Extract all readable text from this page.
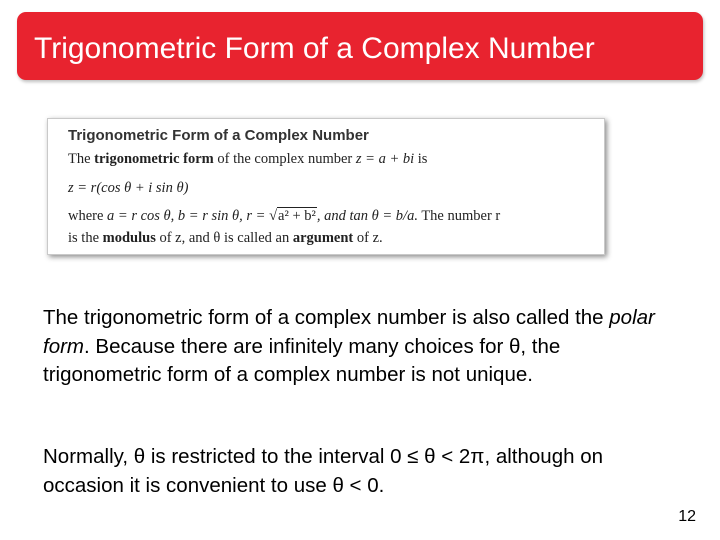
Trigonometric Form of a Complex Number
Trigonometric Form of a Complex Number
The trigonometric form of the complex number z = a + bi is
z = r(cos θ + i sin θ)
where a = r cos θ, b = r sin θ, r = √a² + b², and tan θ = b/a. The number r
is the modulus of z, and θ is called an argument of z.
The trigonometric form of a complex number is also called the polar form. Because there are infinitely many choices for θ, the trigonometric form of a complex number is not unique.
Normally, θ is restricted to the interval 0 ≤ θ < 2π, although on occasion it is convenient to use θ < 0.
12
